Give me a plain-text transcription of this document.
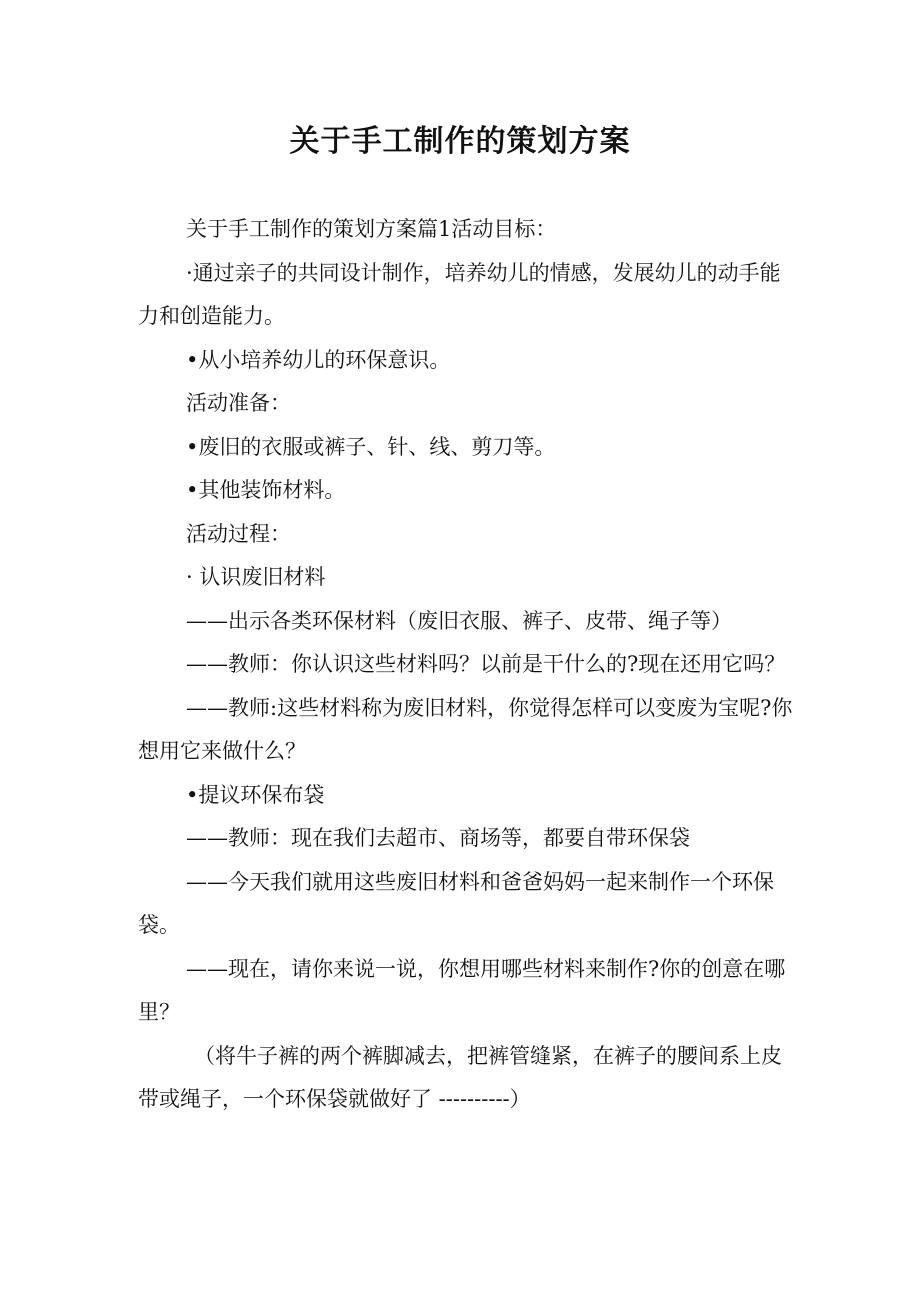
关于手工制作的策划方案

关于手工制作的策划方案篇1活动目标：

·通过亲子的共同设计制作，培养幼儿的情感，发展幼儿的动手能力和创造能力。

•从小培养幼儿的环保意识。

活动准备：

•废旧的衣服或裤子、针、线、剪刀等。

•其他装饰材料。

活动过程：

· 认识废旧材料

——出示各类环保材料（废旧衣服、裤子、皮带、绳子等）

——教师：你认识这些材料吗？以前是干什么的?现在还用它吗？

——教师:这些材料称为废旧材料，你觉得怎样可以变废为宝呢?你想用它来做什么？

•提议环保布袋

——教师：现在我们去超市、商场等，都要自带环保袋

——今天我们就用这些废旧材料和爸爸妈妈一起来制作一个环保袋。

——现在，请你来说一说，你想用哪些材料来制作?你的创意在哪里？

（将牛子裤的两个裤脚减去，把裤管缝紧，在裤子的腰间系上皮带或绳子，一个环保袋就做好了 ----------）
